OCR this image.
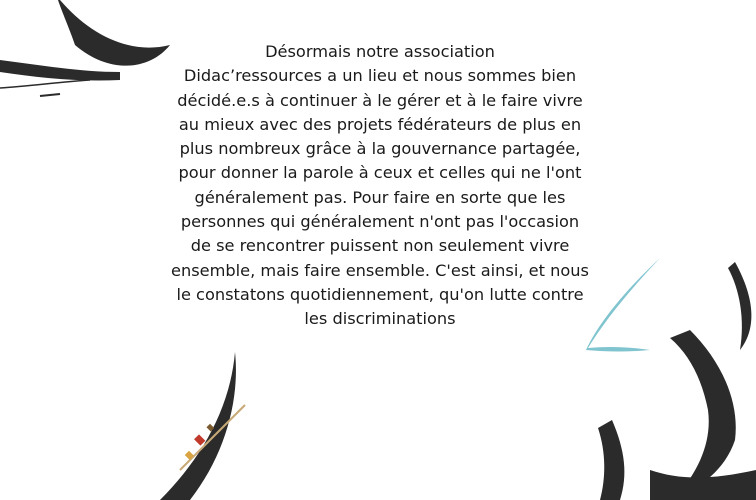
Désormais notre association
Didac’ressources a un lieu et nous sommes bien
décidé.e.s à continuer à le gérer et à le faire vivre
au mieux avec des projets fédérateurs de plus en
plus nombreux grâce à la gouvernance partagée,
pour donner la parole à ceux et celles qui ne l'ont
généralement pas. Pour faire en sorte que les
personnes qui généralement n'ont pas l'occasion
de se rencontrer puissent non seulement vivre
ensemble, mais faire ensemble. C'est ainsi, et nous
le constatons quotidiennement, qu'on lutte contre
les discriminations
